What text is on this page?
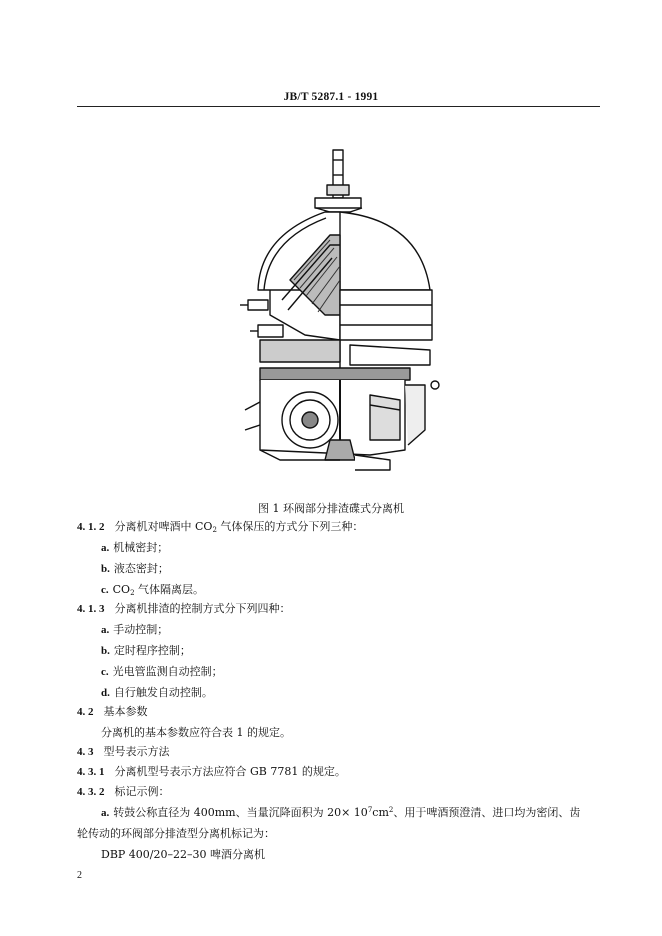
JB/T 5287.1 - 1991
图 1 环阀部分排渣碟式分离机
4. 1. 2 分离机对啤酒中 $CO_2$ 气体保压的方式分下列三种：
a. 机械密封；
b. 液态密封；
c. $CO_2$ 气体隔离层。
4. 1. 3 分离机排渣的控制方式分下列四种：
a. 手动控制；
b. 定时程序控制；
c. 光电管监测自动控制；
d. 自行触发自动控制。
4. 2 基本参数
分离机的基本参数应符合表 1 的规定。
4. 3 型号表示方法
4. 3. 1 分离机型号表示方法应符合 GB 7781 的规定。
4. 3. 2 标记示例：
a. 转鼓公称直径为 400mm、当量沉降面积为 $20\times 10^7cm^2$、用于啤酒预澄清、进口均为密闭、齿
轮传动的环阀部分排渣型分离机标记为：
DBP 400/20–22–30 啤酒分离机
2
